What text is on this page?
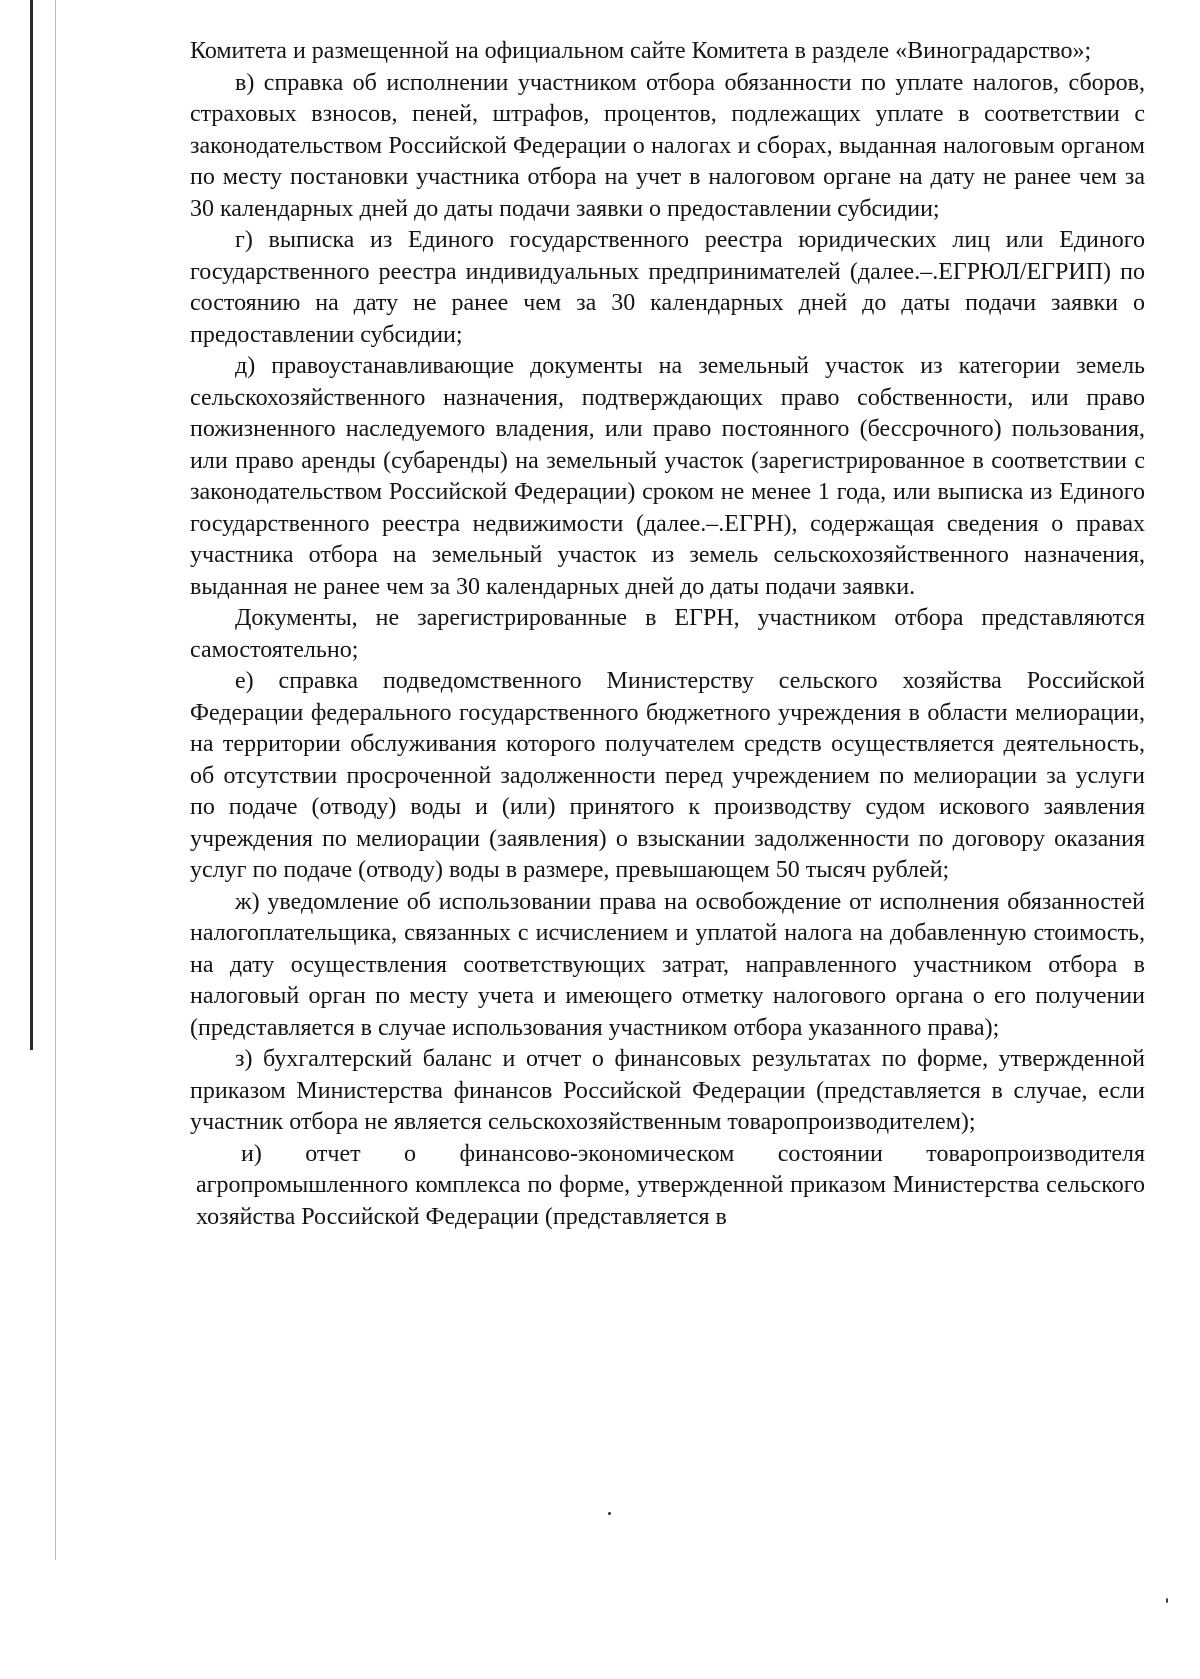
Комитета и размещенной на официальном сайте Комитета в разделе «Виноградарство»;

в) справка об исполнении участником отбора обязанности по уплате налогов, сборов, страховых взносов, пеней, штрафов, процентов, подлежащих уплате в соответствии с законодательством Российской Федерации о налогах и сборах, выданная налоговым органом по месту постановки участника отбора на учет в налоговом органе на дату не ранее чем за 30 календарных дней до даты подачи заявки о предоставлении субсидии;

г) выписка из Единого государственного реестра юридических лиц или Единого государственного реестра индивидуальных предпринимателей (далее.–.ЕГРЮЛ/ЕГРИП) по состоянию на дату не ранее чем за 30 календарных дней до даты подачи заявки о предоставлении субсидии;

д) правоустанавливающие документы на земельный участок из категории земель сельскохозяйственного назначения, подтверждающих право собственности, или право пожизненного наследуемого владения, или право постоянного (бессрочного) пользования, или право аренды (субаренды) на земельный участок (зарегистрированное в соответствии с законодательством Российской Федерации) сроком не менее 1 года, или выписка из Единого государственного реестра недвижимости (далее.–.ЕГРН), содержащая сведения о правах участника отбора на земельный участок из земель сельскохозяйственного назначения, выданная не ранее чем за 30 календарных дней до даты подачи заявки.

Документы, не зарегистрированные в ЕГРН, участником отбора представляются самостоятельно;

е) справка подведомственного Министерству сельского хозяйства Российской Федерации федерального государственного бюджетного учреждения в области мелиорации, на территории обслуживания которого получателем средств осуществляется деятельность, об отсутствии просроченной задолженности перед учреждением по мелиорации за услуги по подаче (отводу) воды и (или) принятого к производству судом искового заявления учреждения по мелиорации (заявления) о взыскании задолженности по договору оказания услуг по подаче (отводу) воды в размере, превышающем 50 тысяч рублей;

ж) уведомление об использовании права на освобождение от исполнения обязанностей налогоплательщика, связанных с исчислением и уплатой налога на добавленную стоимость, на дату осуществления соответствующих затрат, направленного участником отбора в налоговый орган по месту учета и имеющего отметку налогового органа о его получении (представляется в случае использования участником отбора указанного права);

з) бухгалтерский баланс и отчет о финансовых результатах по форме, утвержденной приказом Министерства финансов Российской Федерации (представляется в случае, если участник отбора не является сельскохозяйственным товаропроизводителем);

и) отчет о финансово-экономическом состоянии товаропроизводителя агропромышленного комплекса по форме, утвержденной приказом Министерства сельского хозяйства Российской Федерации (представляется в
